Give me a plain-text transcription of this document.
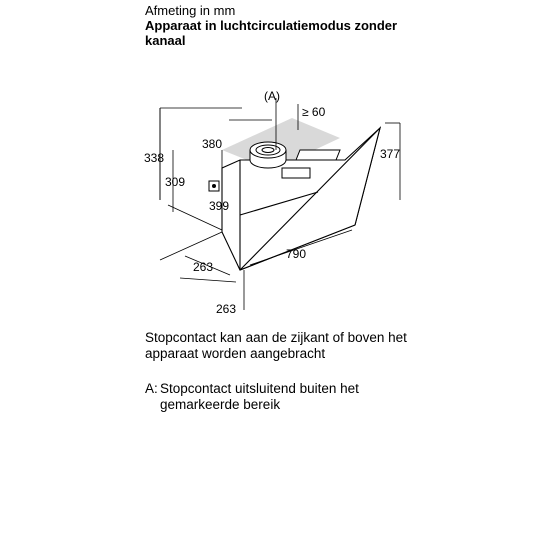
Afmeting in mm
Apparaat in luchtcirculatiemodus zonder
kanaal
(A)
≥ 60
380
338
309
399
377
790
263
263
Stopcontact kan aan de zijkant of boven het
apparaat worden aangebracht
A: Stopcontact uitsluitend buiten het
gemarkeerde bereik
